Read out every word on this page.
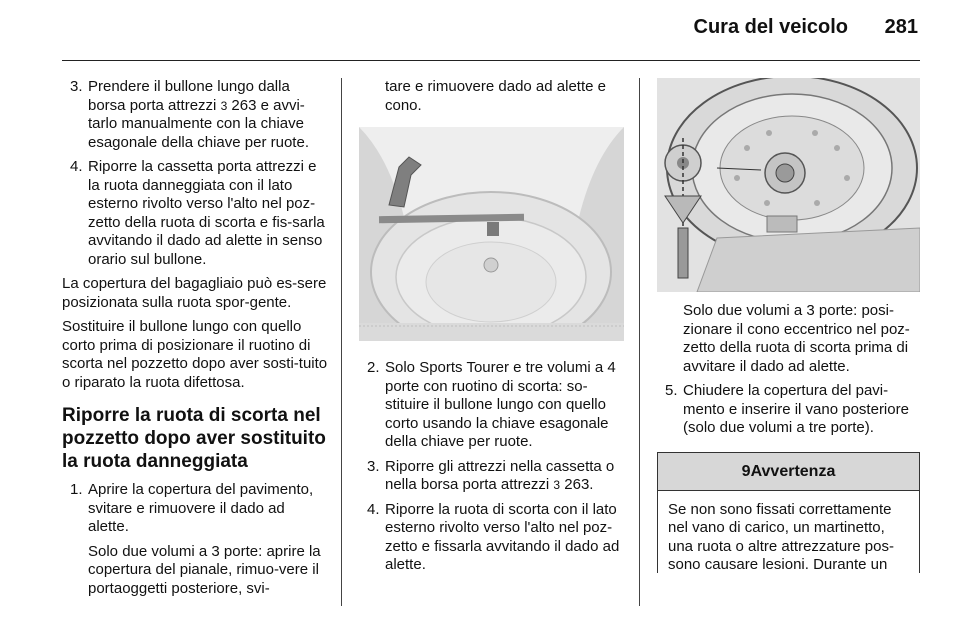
Cura del veicolo 281
3. Prendere il bullone lungo dalla borsa porta attrezzi 3 263 e avvi-tarlo manualmente con la chiave esagonale della chiave per ruote.
4. Riporre la cassetta porta attrezzi e la ruota danneggiata con il lato esterno rivolto verso l'alto nel poz-zetto della ruota di scorta e fis-sarla avvitando il dado ad alette in senso orario sul bullone.

La copertura del bagagliaio può es-sere posizionata sulla ruota spor-gente.

Sostituire il bullone lungo con quello corto prima di posizionare il ruotino di scorta nel pozzetto dopo aver sosti-tuito o riparato la ruota difettosa.

Riporre la ruota di scorta nel pozzetto dopo aver sostituito la ruota danneggiata
1. Aprire la copertura del pavimento, svitare e rimuovere il dado ad alette.

Solo due volumi a 3 porte: aprire la copertura del pianale, rimuo-vere il portaoggetti posteriore, svi-

tare e rimuovere dado ad alette e cono.

2. Solo Sports Tourer e tre volumi a 4 porte con ruotino di scorta: so-stituire il bullone lungo con quello corto usando la chiave esagonale della chiave per ruote.
3. Riporre gli attrezzi nella cassetta o nella borsa porta attrezzi 3 263.
4. Riporre la ruota di scorta con il lato esterno rivolto verso l'alto nel poz-zetto e fissarla avvitando il dado ad alette.

Solo due volumi a 3 porte: posi-zionare il cono eccentrico nel poz-zetto della ruota di scorta prima di avvitare il dado ad alette.

5. Chiudere la copertura del pavi-mento e inserire il vano posteriore (solo due volumi a tre porte).
9Avvertenza
Se non sono fissati correttamente nel vano di carico, un martinetto, una ruota o altre attrezzature pos-sono causare lesioni. Durante un
